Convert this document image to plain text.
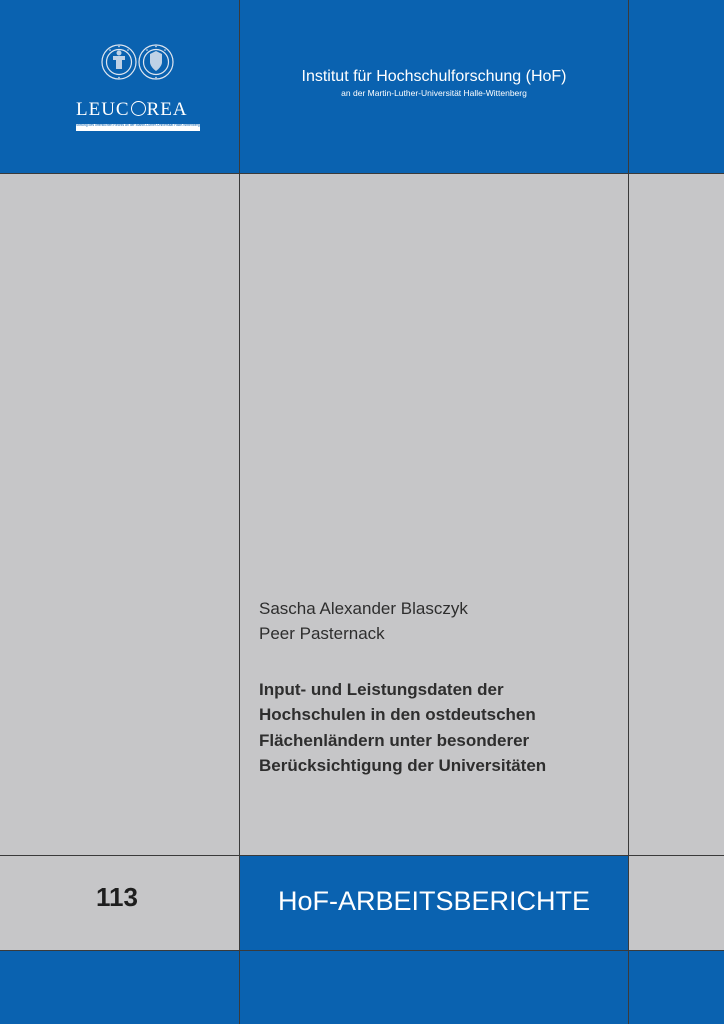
LEUC REA
Stiftung des öffentlichen Rechts an der Martin-Luther-Universität Halle-Wittenberg
Institut für Hochschulforschung (HoF)
an der Martin-Luther-Universität Halle-Wittenberg
Sascha Alexander Blasczyk
Peer Pasternack
Input- und Leistungsdaten der
Hochschulen in den ostdeutschen
Flächenländern unter besonderer
Berücksichtigung der Universitäten
113	HoF-ARBEITSBERICHTE
